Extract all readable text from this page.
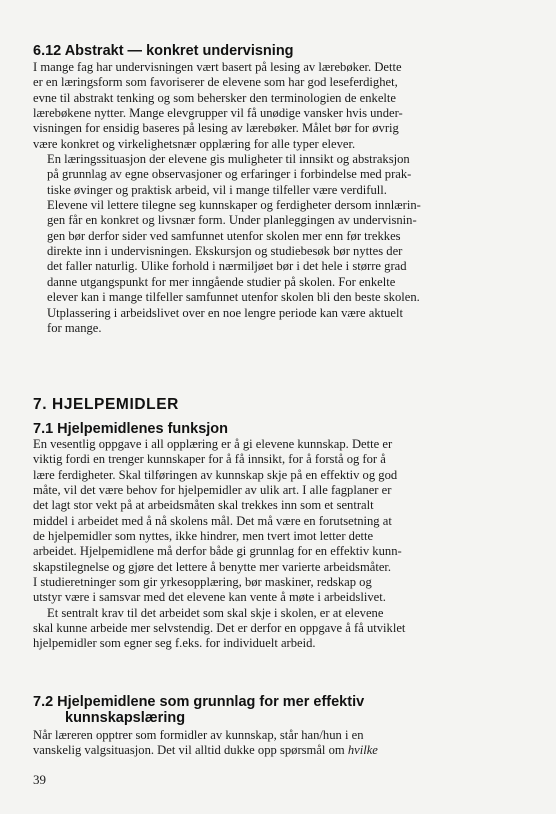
6.12 Abstrakt — konkret undervisning

I mange fag har undervisningen vært basert på lesing av lærebøker. Dette
er en læringsform som favoriserer de elevene som har god leseferdighet,
evne til abstrakt tenking og som behersker den terminologien de enkelte
lærebøkene nytter. Mange elevgrupper vil få unødige vansker hvis under-
visningen for ensidig baseres på lesing av lærebøker. Målet bør for øvrig
være konkret og virkelighetsnær opplæring for alle typer elever.

En læringssituasjon der elevene gis muligheter til innsikt og abstraksjon
på grunnlag av egne observasjoner og erfaringer i forbindelse med prak-
tiske øvinger og praktisk arbeid, vil i mange tilfeller være verdifull.
Elevene vil lettere tilegne seg kunnskaper og ferdigheter dersom innlærin-
gen får en konkret og livsnær form. Under planleggingen av undervisnin-
gen bør derfor sider ved samfunnet utenfor skolen mer enn før trekkes
direkte inn i undervisningen. Ekskursjon og studiebesøk bør nyttes der
det faller naturlig. Ulike forhold i nærmiljøet bør i det hele i større grad
danne utgangspunkt for mer inngående studier på skolen. For enkelte
elever kan i mange tilfeller samfunnet utenfor skolen bli den beste skolen.
Utplassering i arbeidslivet over en noe lengre periode kan være aktuelt
for mange.

7. HJELPEMIDLER
7.1 Hjelpemidlenes funksjon

En vesentlig oppgave i all opplæring er å gi elevene kunnskap. Dette er
viktig fordi en trenger kunnskaper for å få innsikt, for å forstå og for å
lære ferdigheter. Skal tilføringen av kunnskap skje på en effektiv og god
måte, vil det være behov for hjelpemidler av ulik art. I alle fagplaner er
det lagt stor vekt på at arbeidsmåten skal trekkes inn som et sentralt
middel i arbeidet med å nå skolens mål. Det må være en forutsetning at
de hjelpemidler som nyttes, ikke hindrer, men tvert imot letter dette
arbeidet. Hjelpemidlene må derfor både gi grunnlag for en effektiv kunn-
skapstilegnelse og gjøre det lettere å benytte mer varierte arbeidsmåter.
I studieretninger som gir yrkesopplæring, bør maskiner, redskap og
utstyr være i samsvar med det elevene kan vente å møte i arbeidslivet.

Et sentralt krav til det arbeidet som skal skje i skolen, er at elevene
skal kunne arbeide mer selvstendig. Det er derfor en oppgave å få utviklet
hjelpemidler som egner seg f.eks. for individuelt arbeid.

7.2 Hjelpemidlene som grunnlag for mer effektiv
kunnskapslæring

Når læreren opptrer som formidler av kunnskap, står han/hun i en
vanskelig valgsituasjon. Det vil alltid dukke opp spørsmål om hvilke

39
